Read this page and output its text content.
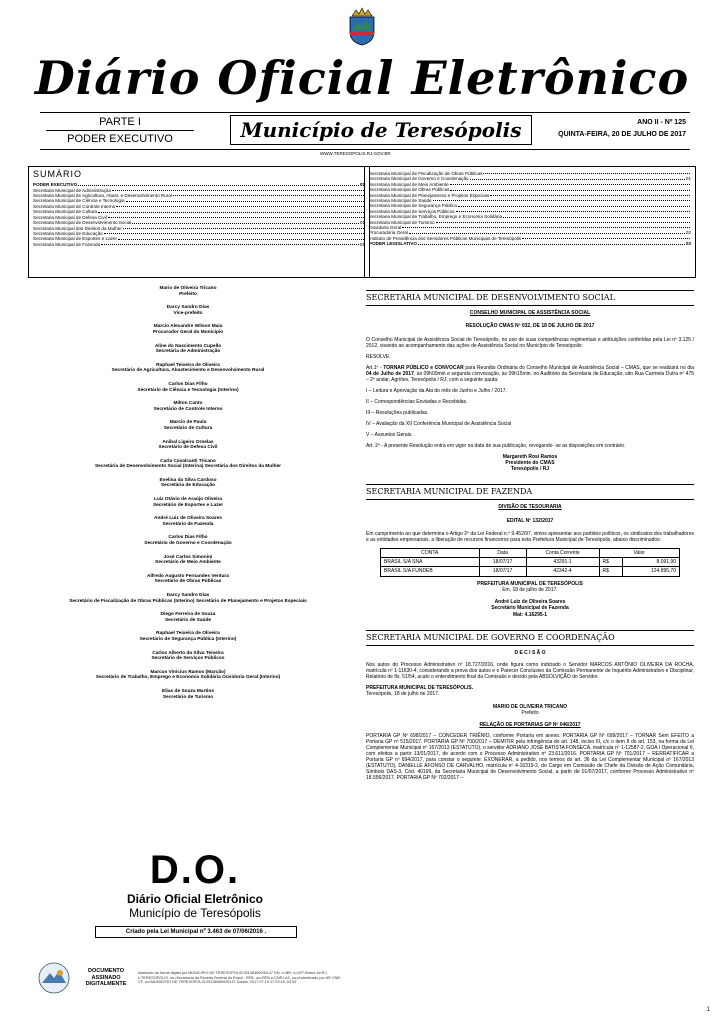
Diário Oficial Eletrônico
PARTE I
PODER EXECUTIVO	Município de Teresópolis	ANO II - Nº 125
QUINTA-FEIRA, 20 DE JULHO DE 2017
WWW.TERESOPOLIS.RJ.GOV.BR
SUMÁRIO
PODER EXECUTIVO	01
Secretaria Municipal de Administração
Secretaria Municipal de Agricultura, Abast. e Desenvolvimento Rural
Secretaria Municipal de Ciência e Tecnologia
Secretaria Municipal de Controle Interno
Secretaria Municipal de Cultura
Secretaria Municipal de Defesa Civil
Secretaria Municipal de Desenvolvimento Social	01
Secretaria Municipal dos Direitos da Mulher
Secretaria Municipal de Educação
Secretaria Municipal de Esportes e Lazer
Secretaria Municipal de Fazenda	01
Secretaria Municipal de Fiscalização de Obras Públicas
Secretaria Municipal de Governo e Coordenação	01
Secretaria Municipal de Meio Ambiente
Secretaria Municipal de Obras Públicas
Secretaria Municipal de Planejamento e Projetos Especiais
Secretaria Municipal de Saúde
Secretaria Municipal de Segurança Pública
Secretaria Municipal de Serviços Públicos
Secretaria Municipal de Trabalho, Emprego e Economia Solidária
Secretaria Municipal de Turismo
Ouvidoria Geral
Procuradoria Geral	02
Instituto de Previdência dos Servidores Públicos Municipais de Teresópolis
PODER LEGISLATIVO	03
Mario de Oliveira Tricano
Prefeito
Darcy Sandro Dias
Vice-prefeito
Marcio Alexandre Wilson Maia
Procurador Geral do Município
Aline do Nascimento Cupello
Secretária de Administração
Raphael Teixeira de Oliveira
Secretário de Agricultura, Abastecimento e Desenvolvimento Rural
Carlos Dias Filho
Secretário de Ciência e Tecnologia (Interino)
Milton Canto
Secretário de Controle Interno
Marcio de Paula
Secretário de Cultura
Anibal Ligeiro Ornelas
Secretário de Defesa Civil
Carla Cavalcanti Tricano
Secretária de Desenvolvimento Social (Interina) Secretária dos Direitos da Mulher
Evelina da Silva Cardoso
Secretária de Educação
Luiz Otávio de Araújo Oliveira
Secretário de Esportes e Lazer
André Luiz de Oliveira Soares
Secretário de Fazenda
Carlos Dias Filho
Secretário de Governo e Coordenação
José Carlos Simonini
Secretário de Meio Ambiente
Alfredo Augusto Fernandes Ventura
Secretário de Obras Públicas
Darcy Sandro Dias
Secretário de Fiscalização de Obras Públicas (Interino) Secretário de Planejamento e Projetos Especiais
Diego Ferreira de Souza
Secretário de Saúde
Raphael Teixeira de Oliveira
Secretário de Segurança Pública (Interino)
Carlos Alberto da Silva Teixeira
Secretário de Serviços Públicos
Marcus Vinicius Ramos (Marcão)
Secretário de Trabalho, Emprego e Economia Solidária Ouvidoria Geral (Interino)
Elias de Souza Martins
Secretário de Turismo
D.O.
Diário Oficial Eletrônico
Município de Teresópolis
Criado pela Lei Municipal nº 3.463 de 07/06/2016 .
DOCUMENTO ASSINADO DIGITALMENTE
Assinado de forma digital por MUNICIPIO DE TERESOPOLIS:29138369000147 DN: c=BR, o=ICP-Brasil, st=RJ, l=TERESOPOLIS, ou=Secretaria da Receita Federal do Brasil - RFB, ou=RFB e-CNPJ A3, ou=Autenticado por AR CNB CF, cn=MUNICIPIO DE TERESOPOLIS:29138369000147 Dados: 2017.07.19 17:29:18 -03'00'
SECRETARIA MUNICIPAL DE DESENVOLVIMENTO SOCIAL
CONSELHO MUNICIPAL DE ASSISTÊNCIA SOCIAL
RESOLUÇÃO CMAS Nº 032, DE 18 DE JULHO DE 2017
O Conselho Municipal de Assistência Social de Teresópolis, no uso de suas competências regimentais e atribuições conferidas pela Lei nº 3.125 / 2012, visando ao acompanhamento das ações de Assistência Social no Município de Teresópolis;
RESOLVE:
Art.1º - TORNAR PÚBLICO e CONVOCAR para Reunião Ordinária do Conselho Municipal de Assistência Social – CMAS, que se realizará no dia 04 de Julho de 2017, às 09h00min e segunda convocação, às 09h15min. no Auditório da Secretaria de Educação, sito Rua Carmela Dutra nº 475 – 2º andar, Agriões, Teresópolis / RJ, com a seguinte pauta:
I – Leitura e Aprovação da Ata do mês de Junho e Julho / 2017.
II – Correspondências Enviadas e Recebidas.
III – Resoluções publicadas.
IV – Avaliação da XII Conferência Municipal de Assistência Social
V – Assuntos Gerais.
Art. 2º - A presente Resolução entra em vigor na data de sua publicação, revogando- se as disposições em contrário.
Margareth Rosi Ramos
Presidente do CMAS
Teresópolis / RJ
SECRETARIA MUNICIPAL DE FAZENDA
DIVISÃO DE TESOURARIA
EDITAL Nº 132/2017
Em cumprimento ao que determina o Artigo 2º da Lei Federal n.º 9.452/97, vimos apresentar aos partidos políticos, os sindicatos dos trabalhadores e as entidades empresariais, a liberação de recursos financeiros para esta Prefeitura Municipal de Teresópolis, abaixo discriminados:
CONTA	Data	Conta Corrente	Valor	
BRASIL S/A SNA	18/07/17	43291-1	R$	8.091,90
BRASIL S/A FUNDEB	18/07/17	42342-4	R$	124.895,70
PREFEITURA MUNICIPAL DE TERESÓPOLIS
Em, 18 de julho de 2017.
André Luiz de Oliveira Soares
Secretário Municipal de Fazenda
Mat: 4.16295-1
SECRETARIA MUNICIPAL DE GOVERNO E COORDENAÇÃO
D E C I S Ã O
Nos autos do Processo Administrativo nº 18.727/2016, onde figura como indiciado o Servidor MARCOS ANTÔNIO OLIVEIRA DA ROCHA, matrícula nº 1-11630-4, considerando a prova dos autos e o Parecer Conclusivo da Comissão Permanente de Inquérito Administrativo e Disciplinar, Relatório de fls. 51/54, acato o entendimento final da Comissão e decido pela ABSOLVIÇÃO do Servidor.
PREFEITURA MUNICIPAL DE TERESÓPOLIS.
Teresópolis, 18 de julho de 2017.
MARIO DE OLIVEIRA TRICANO
Prefeito
RELAÇÃO DE PORTARIAS GP Nº 046/2017
PORTARIA GP Nº 698/2017 – CONCEDER TRIÊNIO, conforme Portaria em anexo. PORTARIA GP Nº 699/2017 – TORNAR Sem EFEITO a Portaria GP nº 515/2017. PORTARIA GP Nº 700/2017 – DEMITIR pela infringência do art. 148, inciso III, c/c o item II do art. 153, na forma da Lei Complementar Municipal nº 167/2013 (ESTATUTO), o servidor ADRIANO JOSÉ BATISTA FONSECA, matrícula nº 1-12587-2, GOA I Operacional II, com efeitos a partir 13/01/2017, de acordo com o Processo Administrativo nº 23.611/2016. PORTARIA GP Nº 701/2017 – RERRATIFICAR a Portaria GP nº 694/2017, para constar o seguinte: EXONERAR, a pedido, nos termos do art. 36 da Lei Complementar Municipal nº 167/2013 (ESTATUTO), DANIELLE AFONSO DE CARVALHO, matrícula nº 4-16319-2, do Cargo em Comissão de Chefe da Divisão de Ação Comunitária, Símbolo DAS-3, Cód. 40199, da Secretaria Municipal de Desenvolvimento Social, a partir de 01/07/2017, conforme Processo Administrativo nº 18.556/2017. PORTARIA GP Nº 702/2017 –
1
